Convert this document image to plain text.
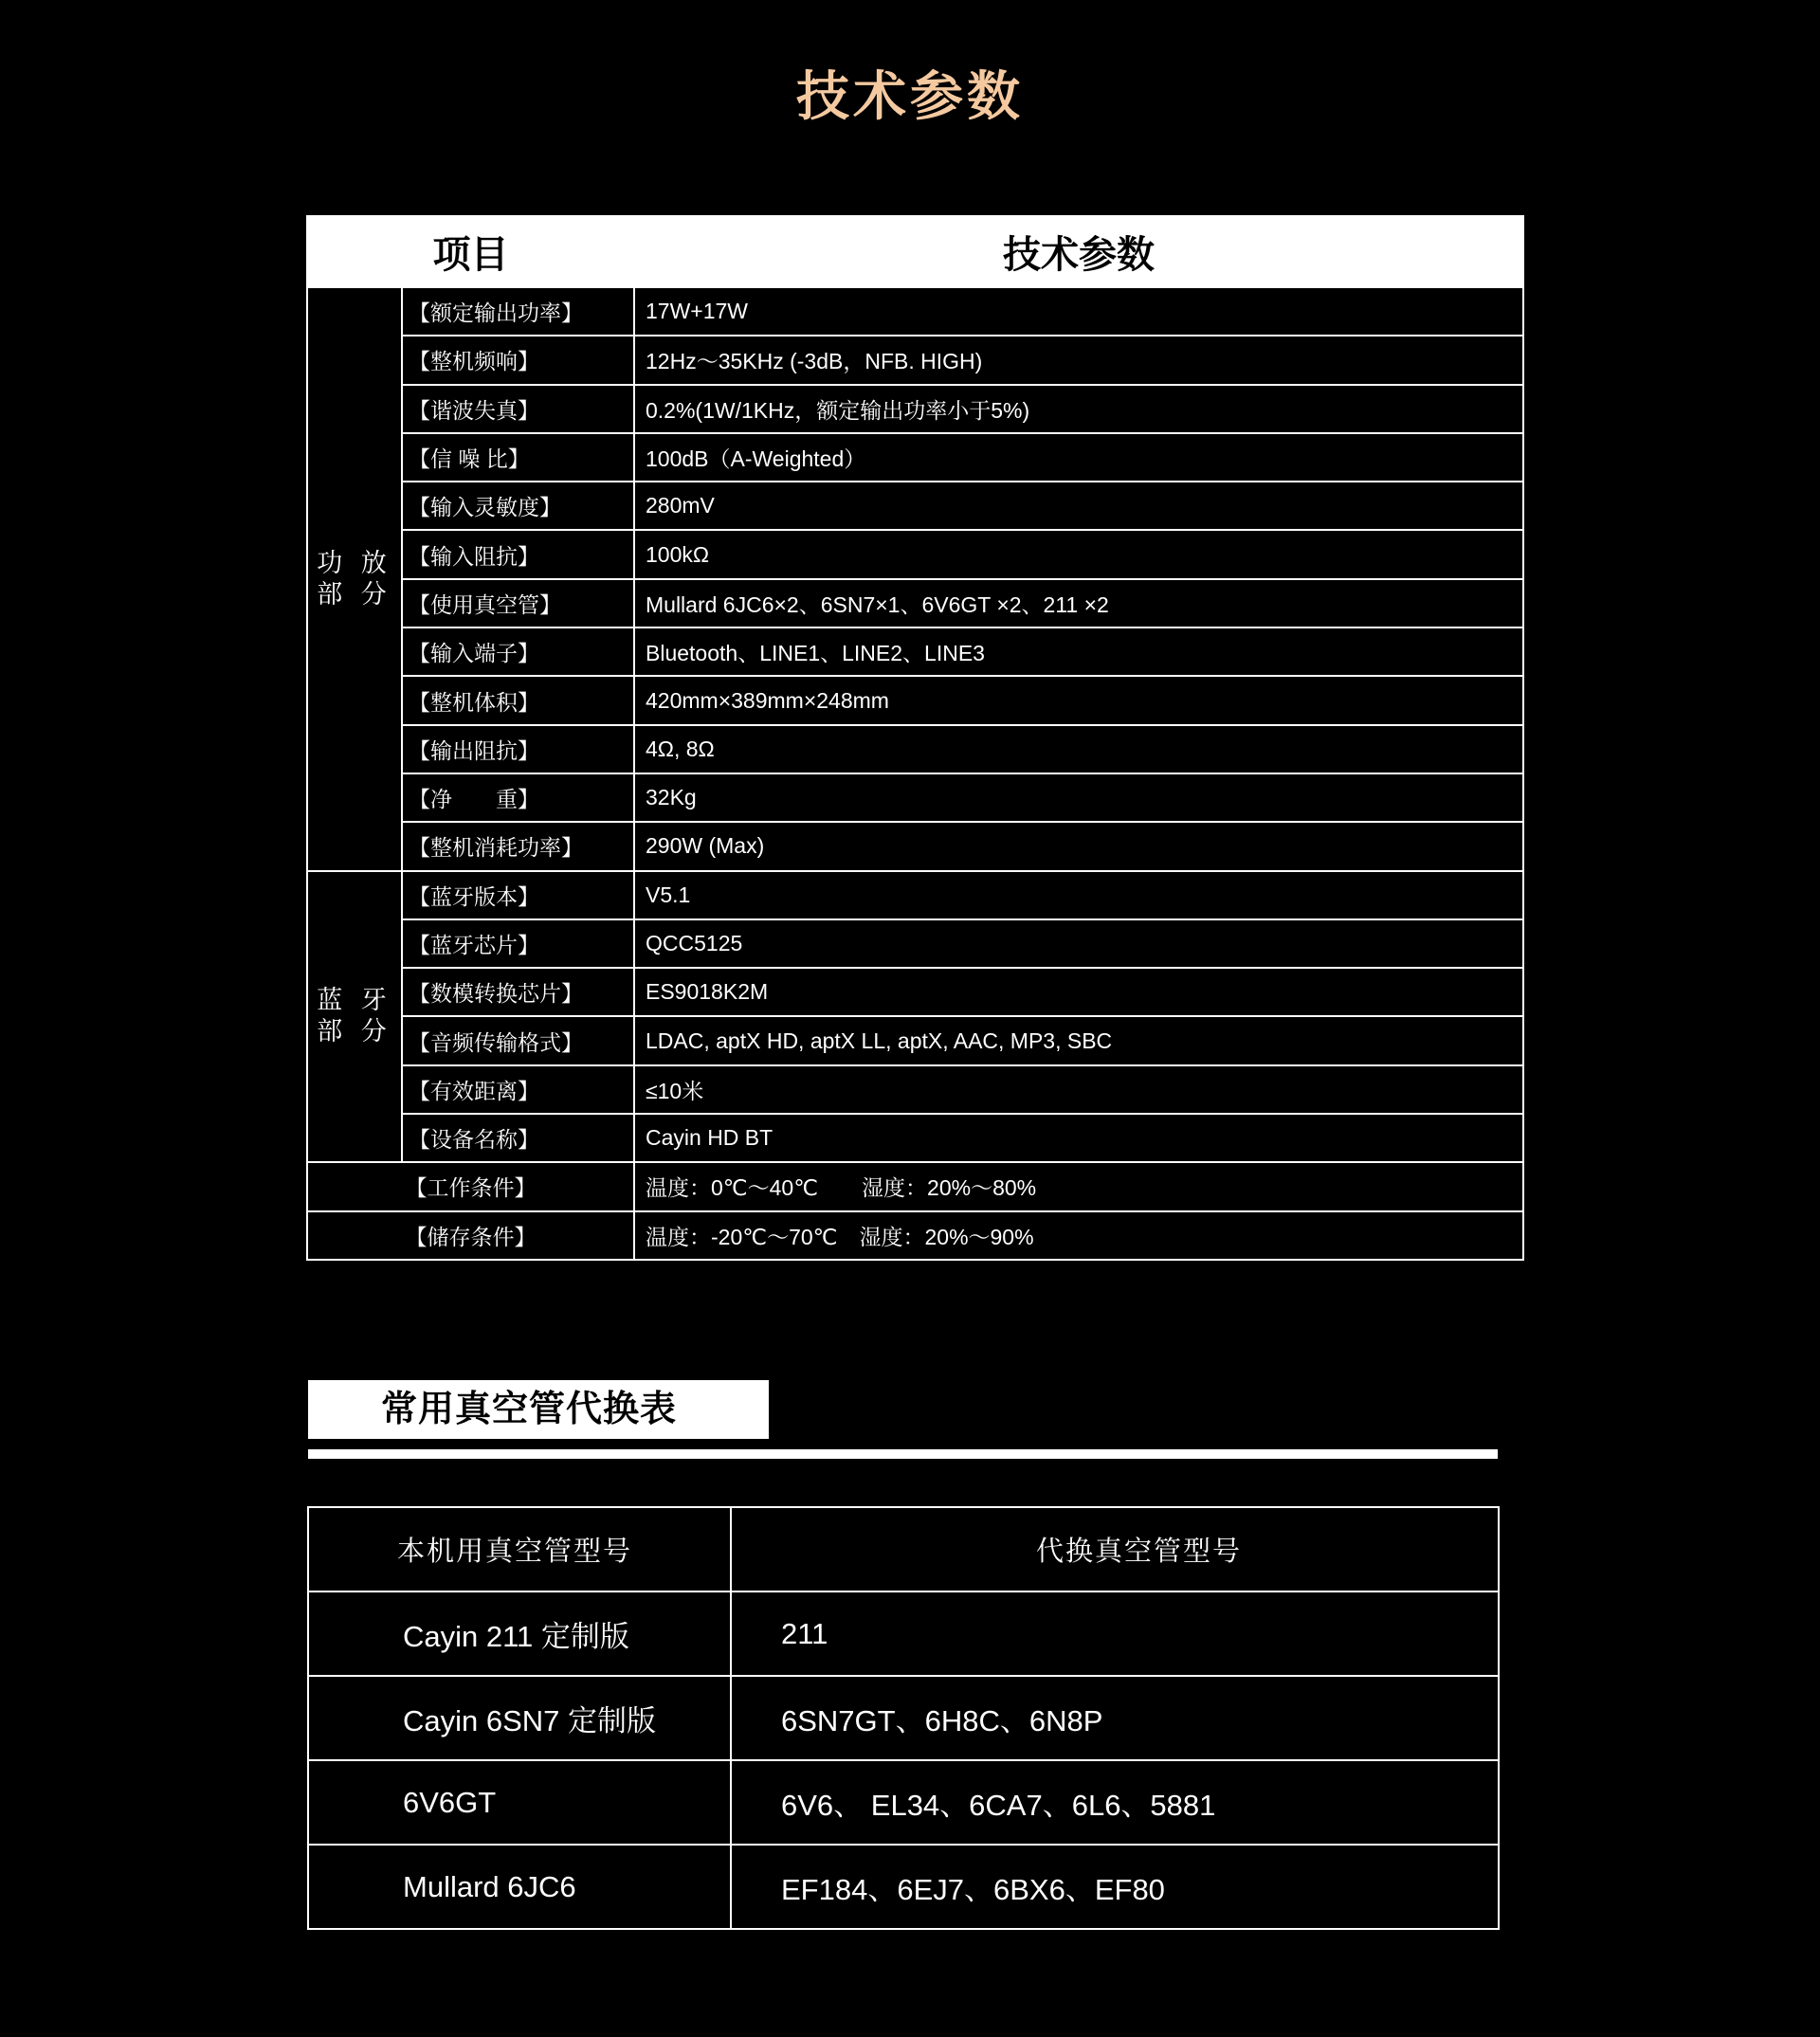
技术参数
项目		技术参数

功 放
部 分	【额定输出功率】	17W+17W
	【整机频响】	12Hz～35KHz (-3dB，NFB. HIGH)
	【谐波失真】	0.2%(1W/1KHz，额定输出功率小于5%)
	【信 噪 比】	100dB（A-Weighted）
	【输入灵敏度】	280mV
	【输入阻抗】	100kΩ
	【使用真空管】	Mullard 6JC6×2、6SN7×1、6V6GT ×2、211 ×2
	【输入端子】	Bluetooth、LINE1、LINE2、LINE3
	【整机体积】	420mm×389mm×248mm
	【输出阻抗】	4Ω, 8Ω
	【净　　重】	32Kg
	【整机消耗功率】	290W (Max)

蓝 牙
部 分	【蓝牙版本】	V5.1
	【蓝牙芯片】	QCC5125
	【数模转换芯片】	ES9018K2M
	【音频传输格式】	LDAC, aptX HD, aptX LL, aptX, AAC, MP3, SBC
	【有效距离】	≤10米
	【设备名称】	Cayin HD BT
【工作条件】		温度：0℃～40℃　　湿度：20%～80%
【储存条件】		温度：-20℃～70℃　湿度：20%～90%
常用真空管代换表
本机用真空管型号	代换真空管型号
Cayin 211 定制版	211
Cayin 6SN7 定制版	6SN7GT、6H8C、6N8P
6V6GT	6V6、 EL34、6CA7、6L6、5881
Mullard 6JC6	EF184、6EJ7、6BX6、EF80
